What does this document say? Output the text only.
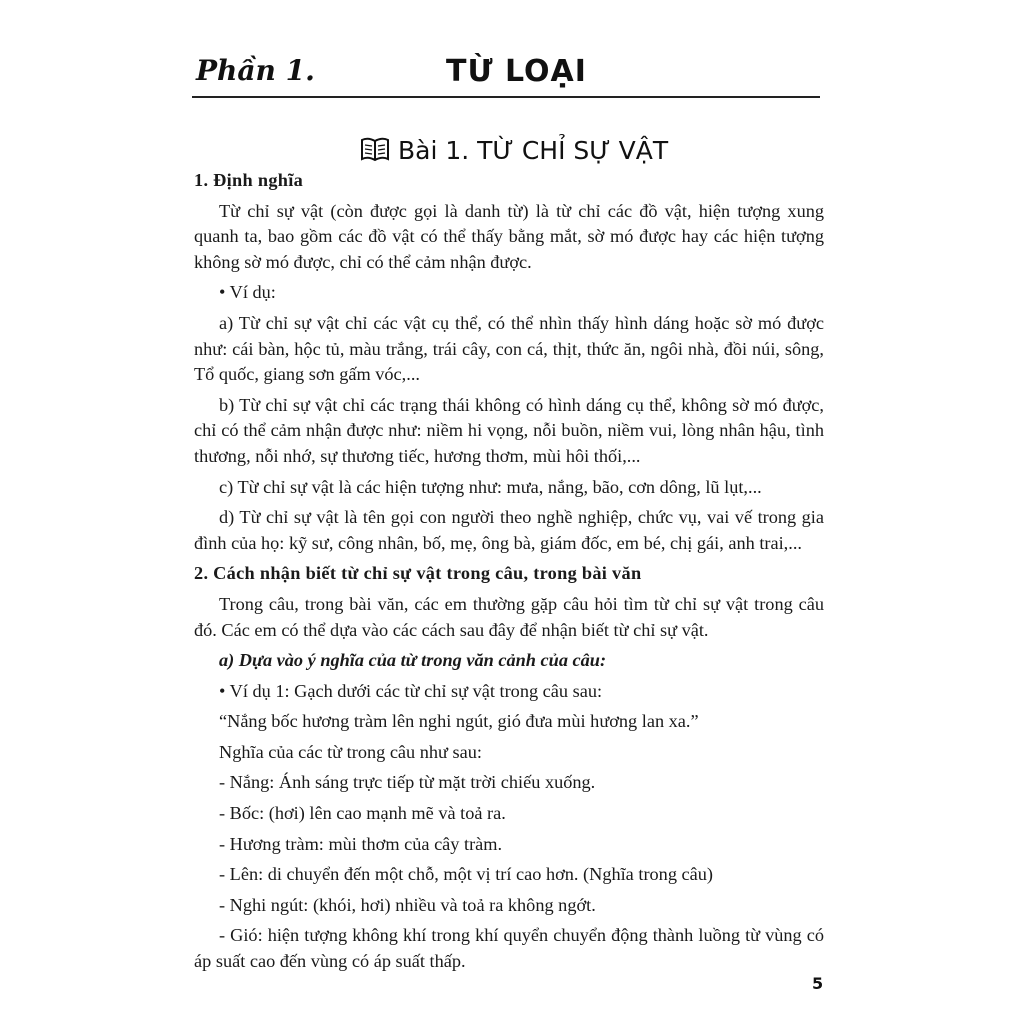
Phần 1.	TỪ LOẠI
Bài 1. TỪ CHỈ SỰ VẬT

1. Định nghĩa

Từ chỉ sự vật (còn được gọi là danh từ) là từ chỉ các đồ vật, hiện tượng xung quanh ta, bao gồm các đồ vật có thể thấy bằng mắt, sờ mó được hay các hiện tượng không sờ mó được, chỉ có thể cảm nhận được.

• Ví dụ:

a) Từ chỉ sự vật chỉ các vật cụ thể, có thể nhìn thấy hình dáng hoặc sờ mó được như: cái bàn, hộc tủ, màu trắng, trái cây, con cá, thịt, thức ăn, ngôi nhà, đồi núi, sông, Tổ quốc, giang sơn gấm vóc,...

b) Từ chỉ sự vật chỉ các trạng thái không có hình dáng cụ thể, không sờ mó được, chỉ có thể cảm nhận được như: niềm hi vọng, nỗi buồn, niềm vui, lòng nhân hậu, tình thương, nỗi nhớ, sự thương tiếc, hương thơm, mùi hôi thối,...

c) Từ chỉ sự vật là các hiện tượng như: mưa, nắng, bão, cơn dông, lũ lụt,...

d) Từ chỉ sự vật là tên gọi con người theo nghề nghiệp, chức vụ, vai vế trong gia đình của họ: kỹ sư, công nhân, bố, mẹ, ông bà, giám đốc, em bé, chị gái, anh trai,...

2. Cách nhận biết từ chỉ sự vật trong câu, trong bài văn

Trong câu, trong bài văn, các em thường gặp câu hỏi tìm từ chỉ sự vật trong câu đó. Các em có thể dựa vào các cách sau đây để nhận biết từ chỉ sự vật.

a) Dựa vào ý nghĩa của từ trong văn cảnh của câu:

• Ví dụ 1: Gạch dưới các từ chỉ sự vật trong câu sau:

“Nắng bốc hương tràm lên nghi ngút, gió đưa mùi hương lan xa.”

Nghĩa của các từ trong câu như sau:

- Nắng: Ánh sáng trực tiếp từ mặt trời chiếu xuống.

- Bốc: (hơi) lên cao mạnh mẽ và toả ra.

- Hương tràm: mùi thơm của cây tràm.

- Lên: di chuyển đến một chỗ, một vị trí cao hơn. (Nghĩa trong câu)

- Nghi ngút: (khói, hơi) nhiều và toả ra không ngớt.

- Gió: hiện tượng không khí trong khí quyển chuyển động thành luồng từ vùng có áp suất cao đến vùng có áp suất thấp.

5
